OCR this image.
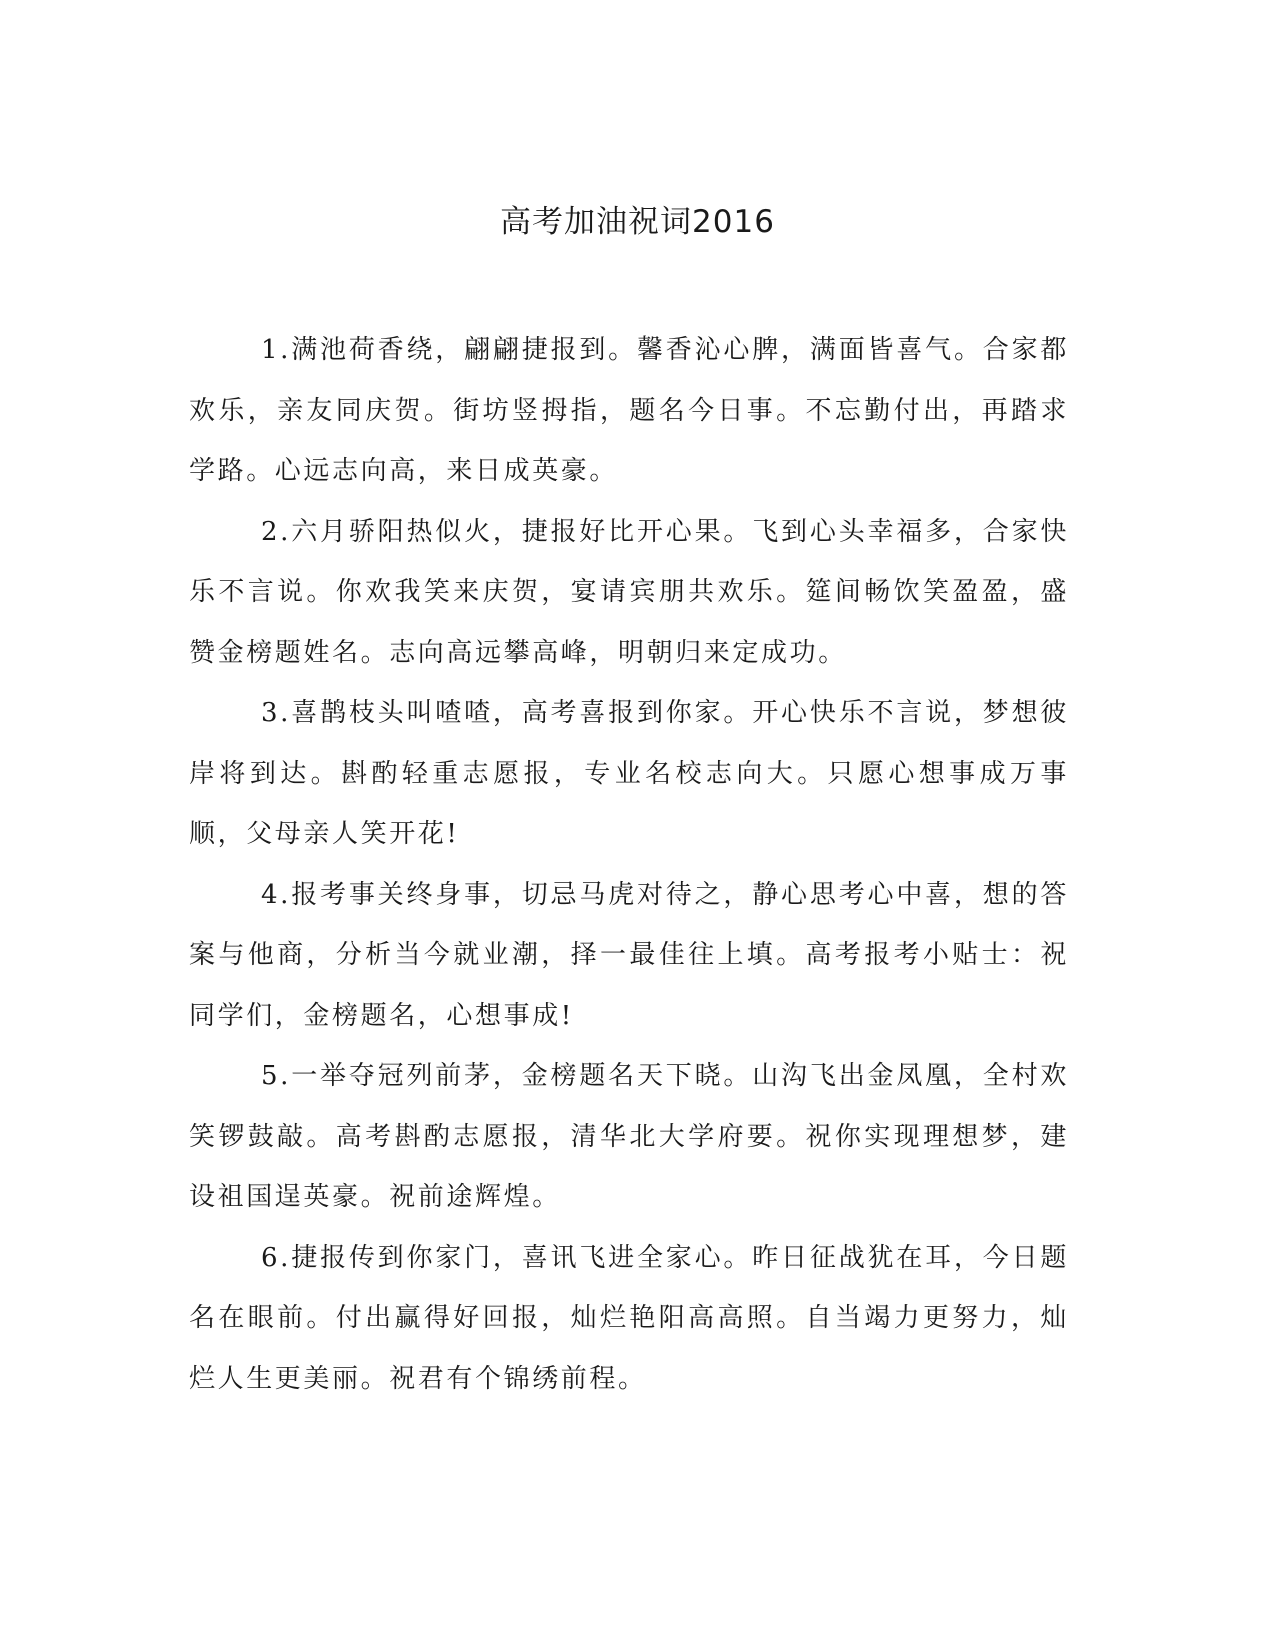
高考加油祝词2016

1.满池荷香绕，翩翩捷报到。馨香沁心脾，满面皆喜气。合家都欢乐，亲友同庆贺。街坊竖拇指，题名今日事。不忘勤付出，再踏求学路。心远志向高，来日成英豪。

2.六月骄阳热似火，捷报好比开心果。飞到心头幸福多，合家快乐不言说。你欢我笑来庆贺，宴请宾朋共欢乐。筵间畅饮笑盈盈，盛赞金榜题姓名。志向高远攀高峰，明朝归来定成功。

3.喜鹊枝头叫喳喳，高考喜报到你家。开心快乐不言说，梦想彼岸将到达。斟酌轻重志愿报，专业名校志向大。只愿心想事成万事顺，父母亲人笑开花!

4.报考事关终身事，切忌马虎对待之，静心思考心中喜，想的答案与他商，分析当今就业潮，择一最佳往上填。高考报考小贴士：祝同学们，金榜题名，心想事成!

5.一举夺冠列前茅，金榜题名天下晓。山沟飞出金凤凰，全村欢笑锣鼓敲。高考斟酌志愿报，清华北大学府要。祝你实现理想梦，建设祖国逞英豪。祝前途辉煌。

6.捷报传到你家门，喜讯飞进全家心。昨日征战犹在耳，今日题名在眼前。付出赢得好回报，灿烂艳阳高高照。自当竭力更努力，灿烂人生更美丽。祝君有个锦绣前程。
